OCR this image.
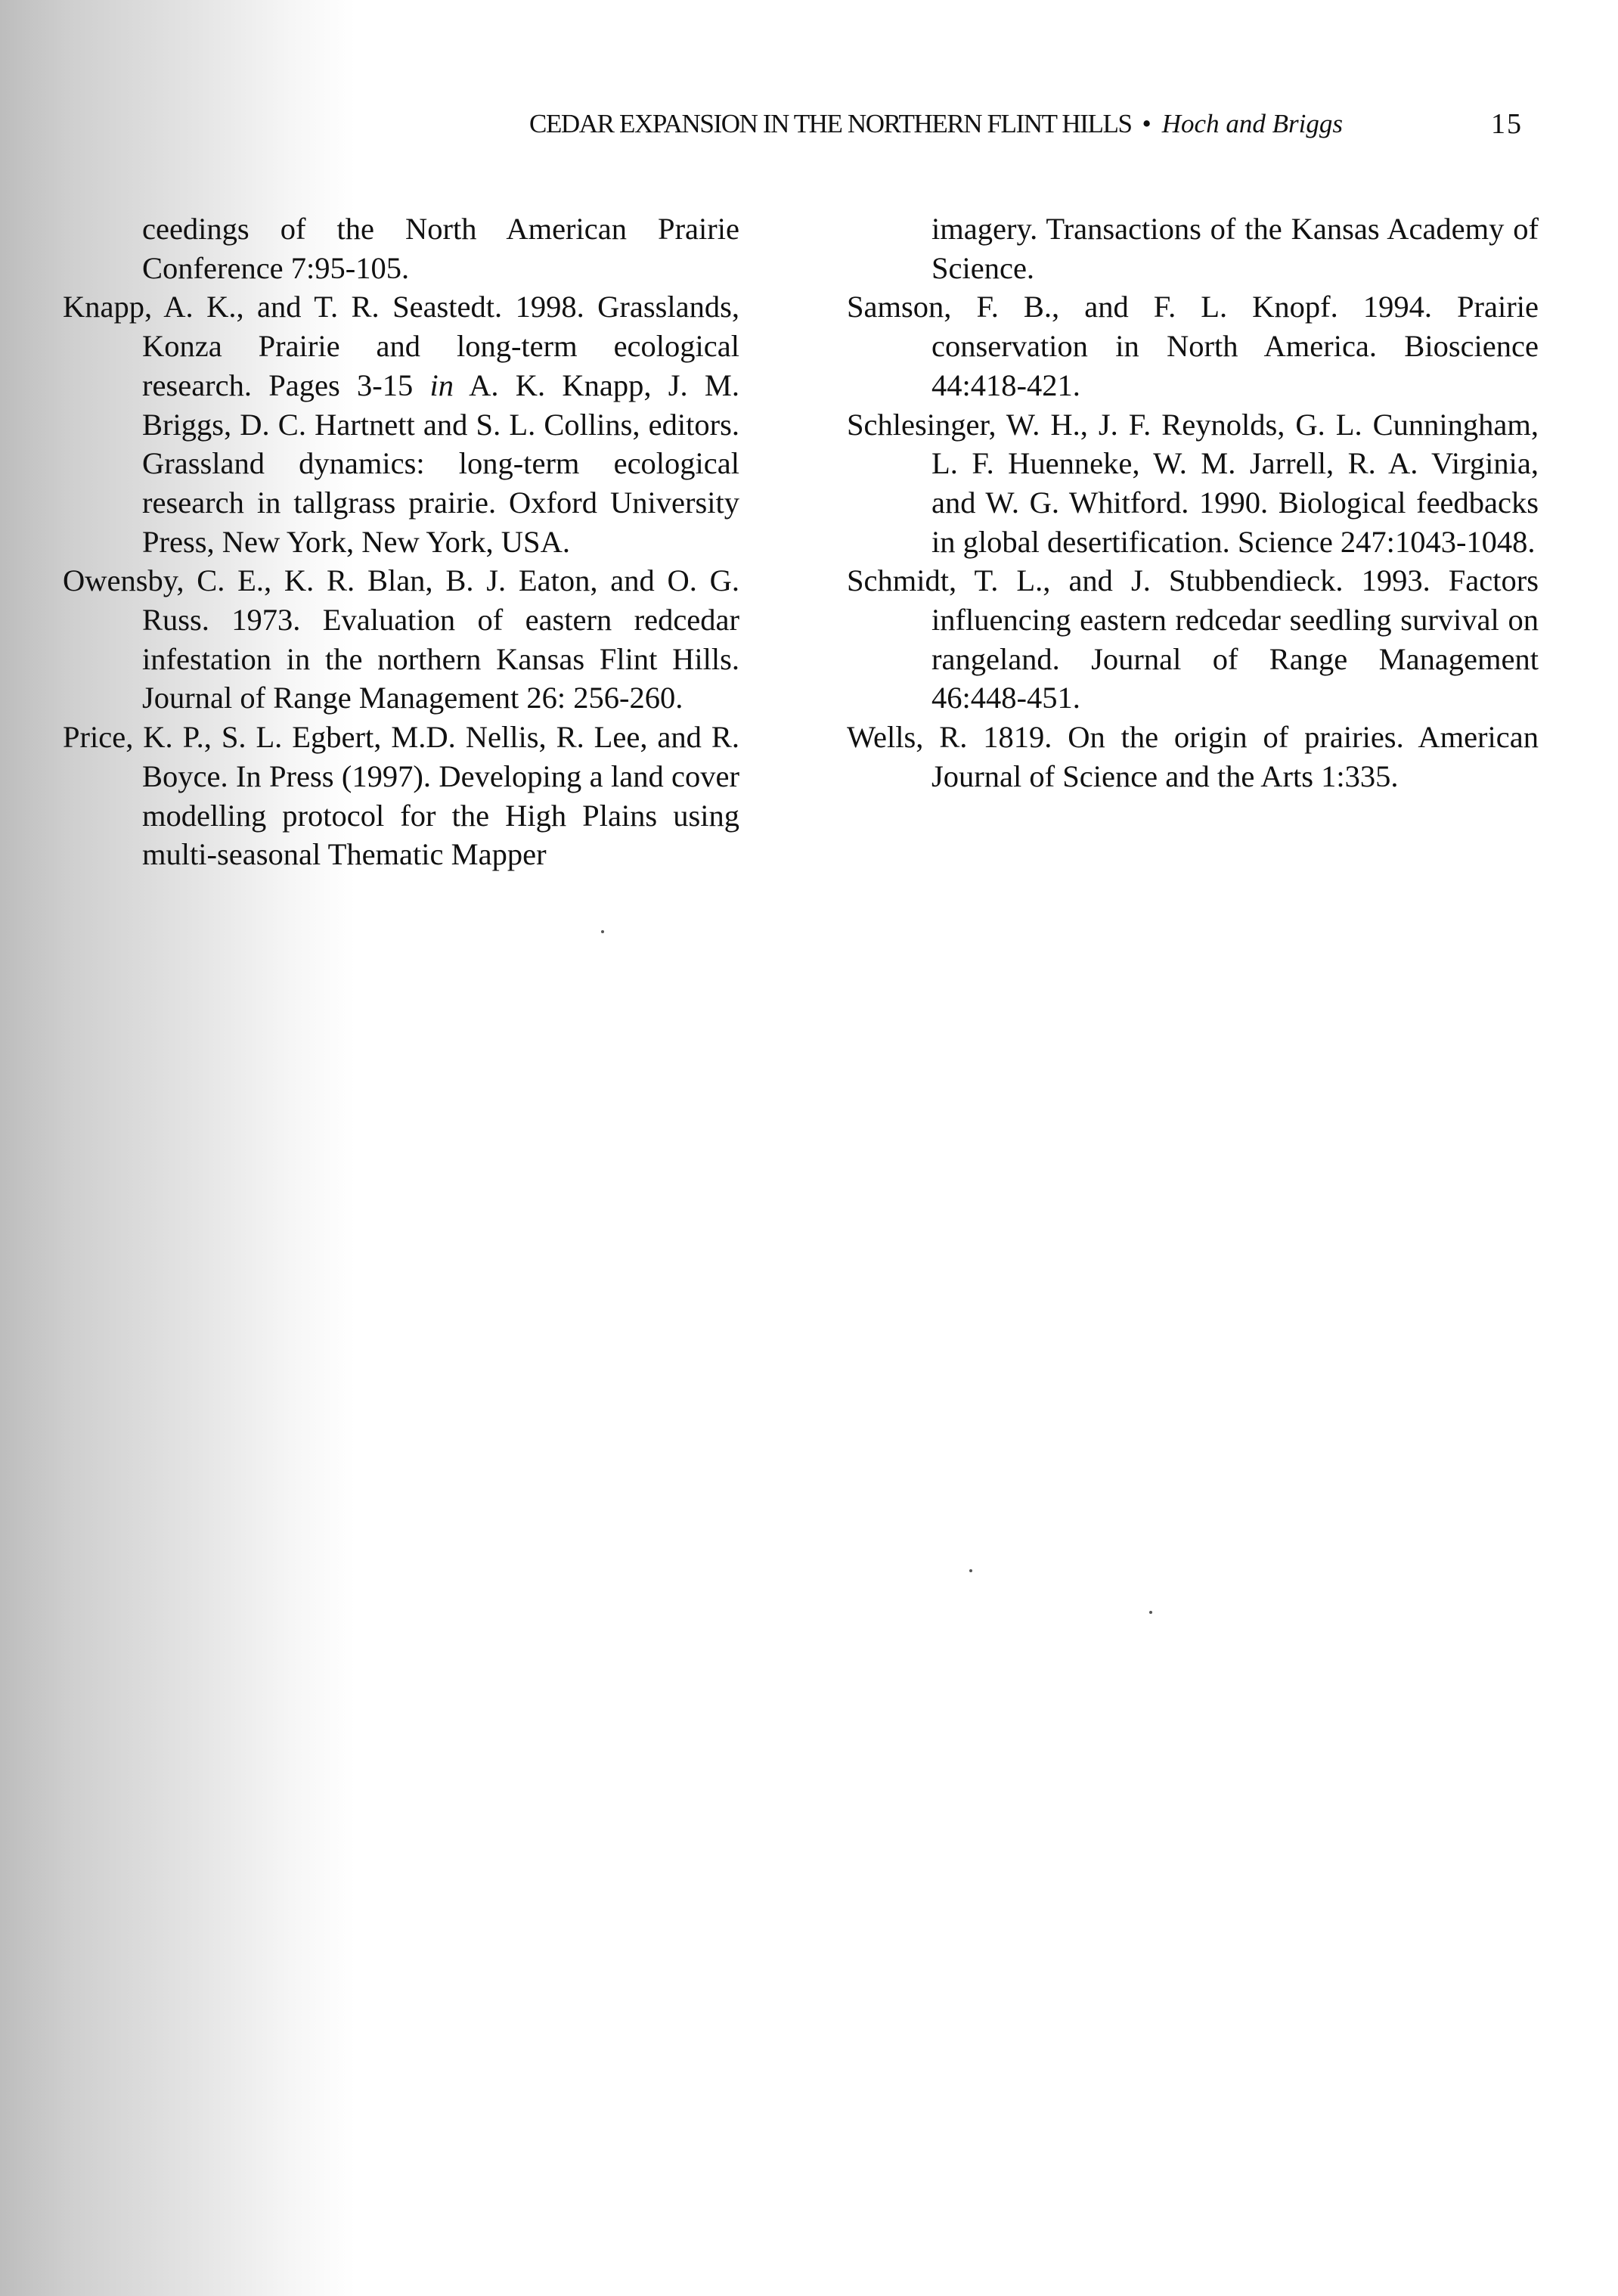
CEDAR EXPANSION IN THE NORTHERN FLINT HILLS • Hoch and Briggs	15

ceedings of the North American Prairie Conference 7:95-105.

Knapp, A. K., and T. R. Seastedt. 1998. Grasslands, Konza Prairie and long-term ecological research. Pages 3-15 in A. K. Knapp, J. M. Briggs, D. C. Hartnett and S. L. Collins, editors. Grassland dynamics: long-term ecological research in tallgrass prairie. Oxford University Press, New York, New York, USA.

Owensby, C. E., K. R. Blan, B. J. Eaton, and O. G. Russ. 1973. Evaluation of eastern redcedar infestation in the northern Kansas Flint Hills. Journal of Range Management 26: 256-260.

Price, K. P., S. L. Egbert, M.D. Nellis, R. Lee, and R. Boyce. In Press (1997). Developing a land cover modelling protocol for the High Plains using multi-seasonal Thematic Mapper

imagery. Transactions of the Kansas Academy of Science.

Samson, F. B., and F. L. Knopf. 1994. Prairie conservation in North America. Bioscience 44:418-421.

Schlesinger, W. H., J. F. Reynolds, G. L. Cunningham, L. F. Huenneke, W. M. Jarrell, R. A. Virginia, and W. G. Whitford. 1990. Biological feedbacks in global desertification. Science 247:1043-1048.

Schmidt, T. L., and J. Stubbendieck. 1993. Factors influencing eastern redcedar seedling survival on rangeland. Journal of Range Management 46:448-451.

Wells, R. 1819. On the origin of prairies. American Journal of Science and the Arts 1:335.
